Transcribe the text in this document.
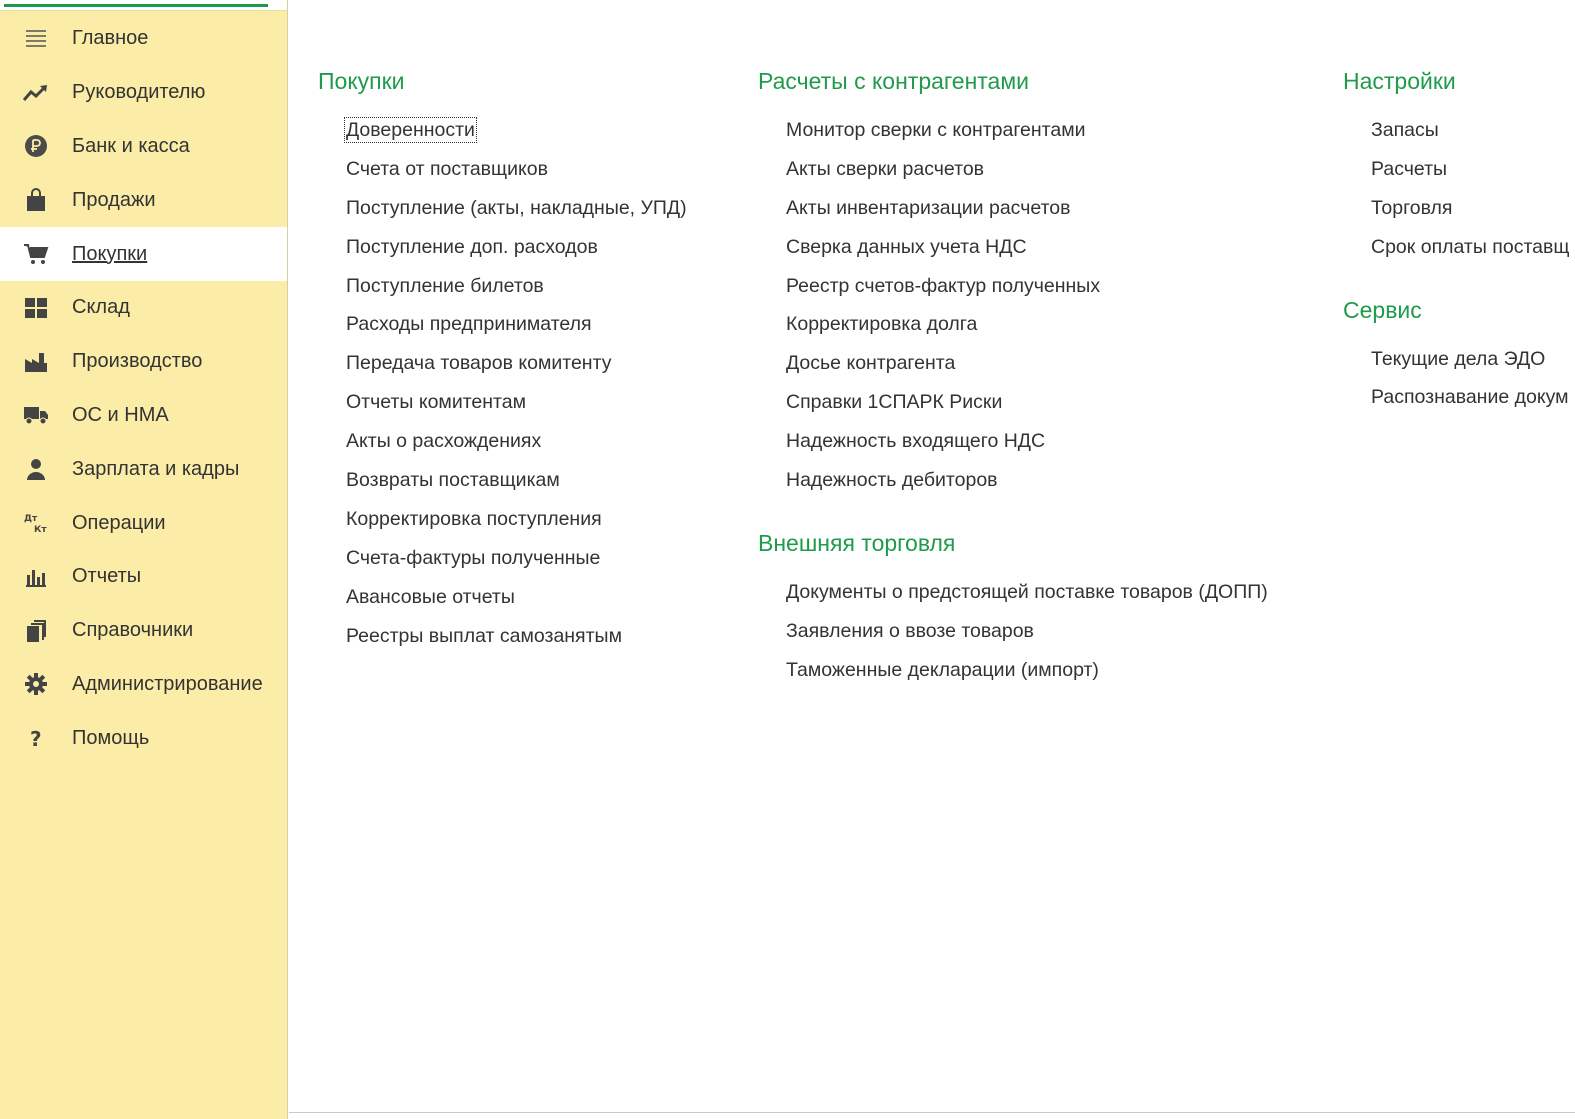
Главное
Руководителю
Банк и касса
Продажи
Покупки
Склад
Производство
ОС и НМА
Зарплата и кадры
Дт
Кт Операции
Отчеты
Справочники
Администрирование
? Помощь
Покупки
Доверенности
Счета от поставщиков
Поступление (акты, накладные, УПД)
Поступление доп. расходов
Поступление билетов
Расходы предпринимателя
Передача товаров комитенту
Отчеты комитентам
Акты о расхождениях
Возвраты поставщикам
Корректировка поступления
Счета-фактуры полученные
Авансовые отчеты
Реестры выплат самозанятым
Расчеты с контрагентами
Монитор сверки с контрагентами
Акты сверки расчетов
Акты инвентаризации расчетов
Сверка данных учета НДС
Реестр счетов-фактур полученных
Корректировка долга
Досье контрагента
Справки 1СПАРК Риски
Надежность входящего НДС
Надежность дебиторов
Внешняя торговля
Документы о предстоящей поставке товаров (ДОПП)
Заявления о ввозе товаров
Таможенные декларации (импорт)
Настройки
Запасы
Расчеты
Торговля
Срок оплаты поставщ
Сервис
Текущие дела ЭДО
Распознавание докум
